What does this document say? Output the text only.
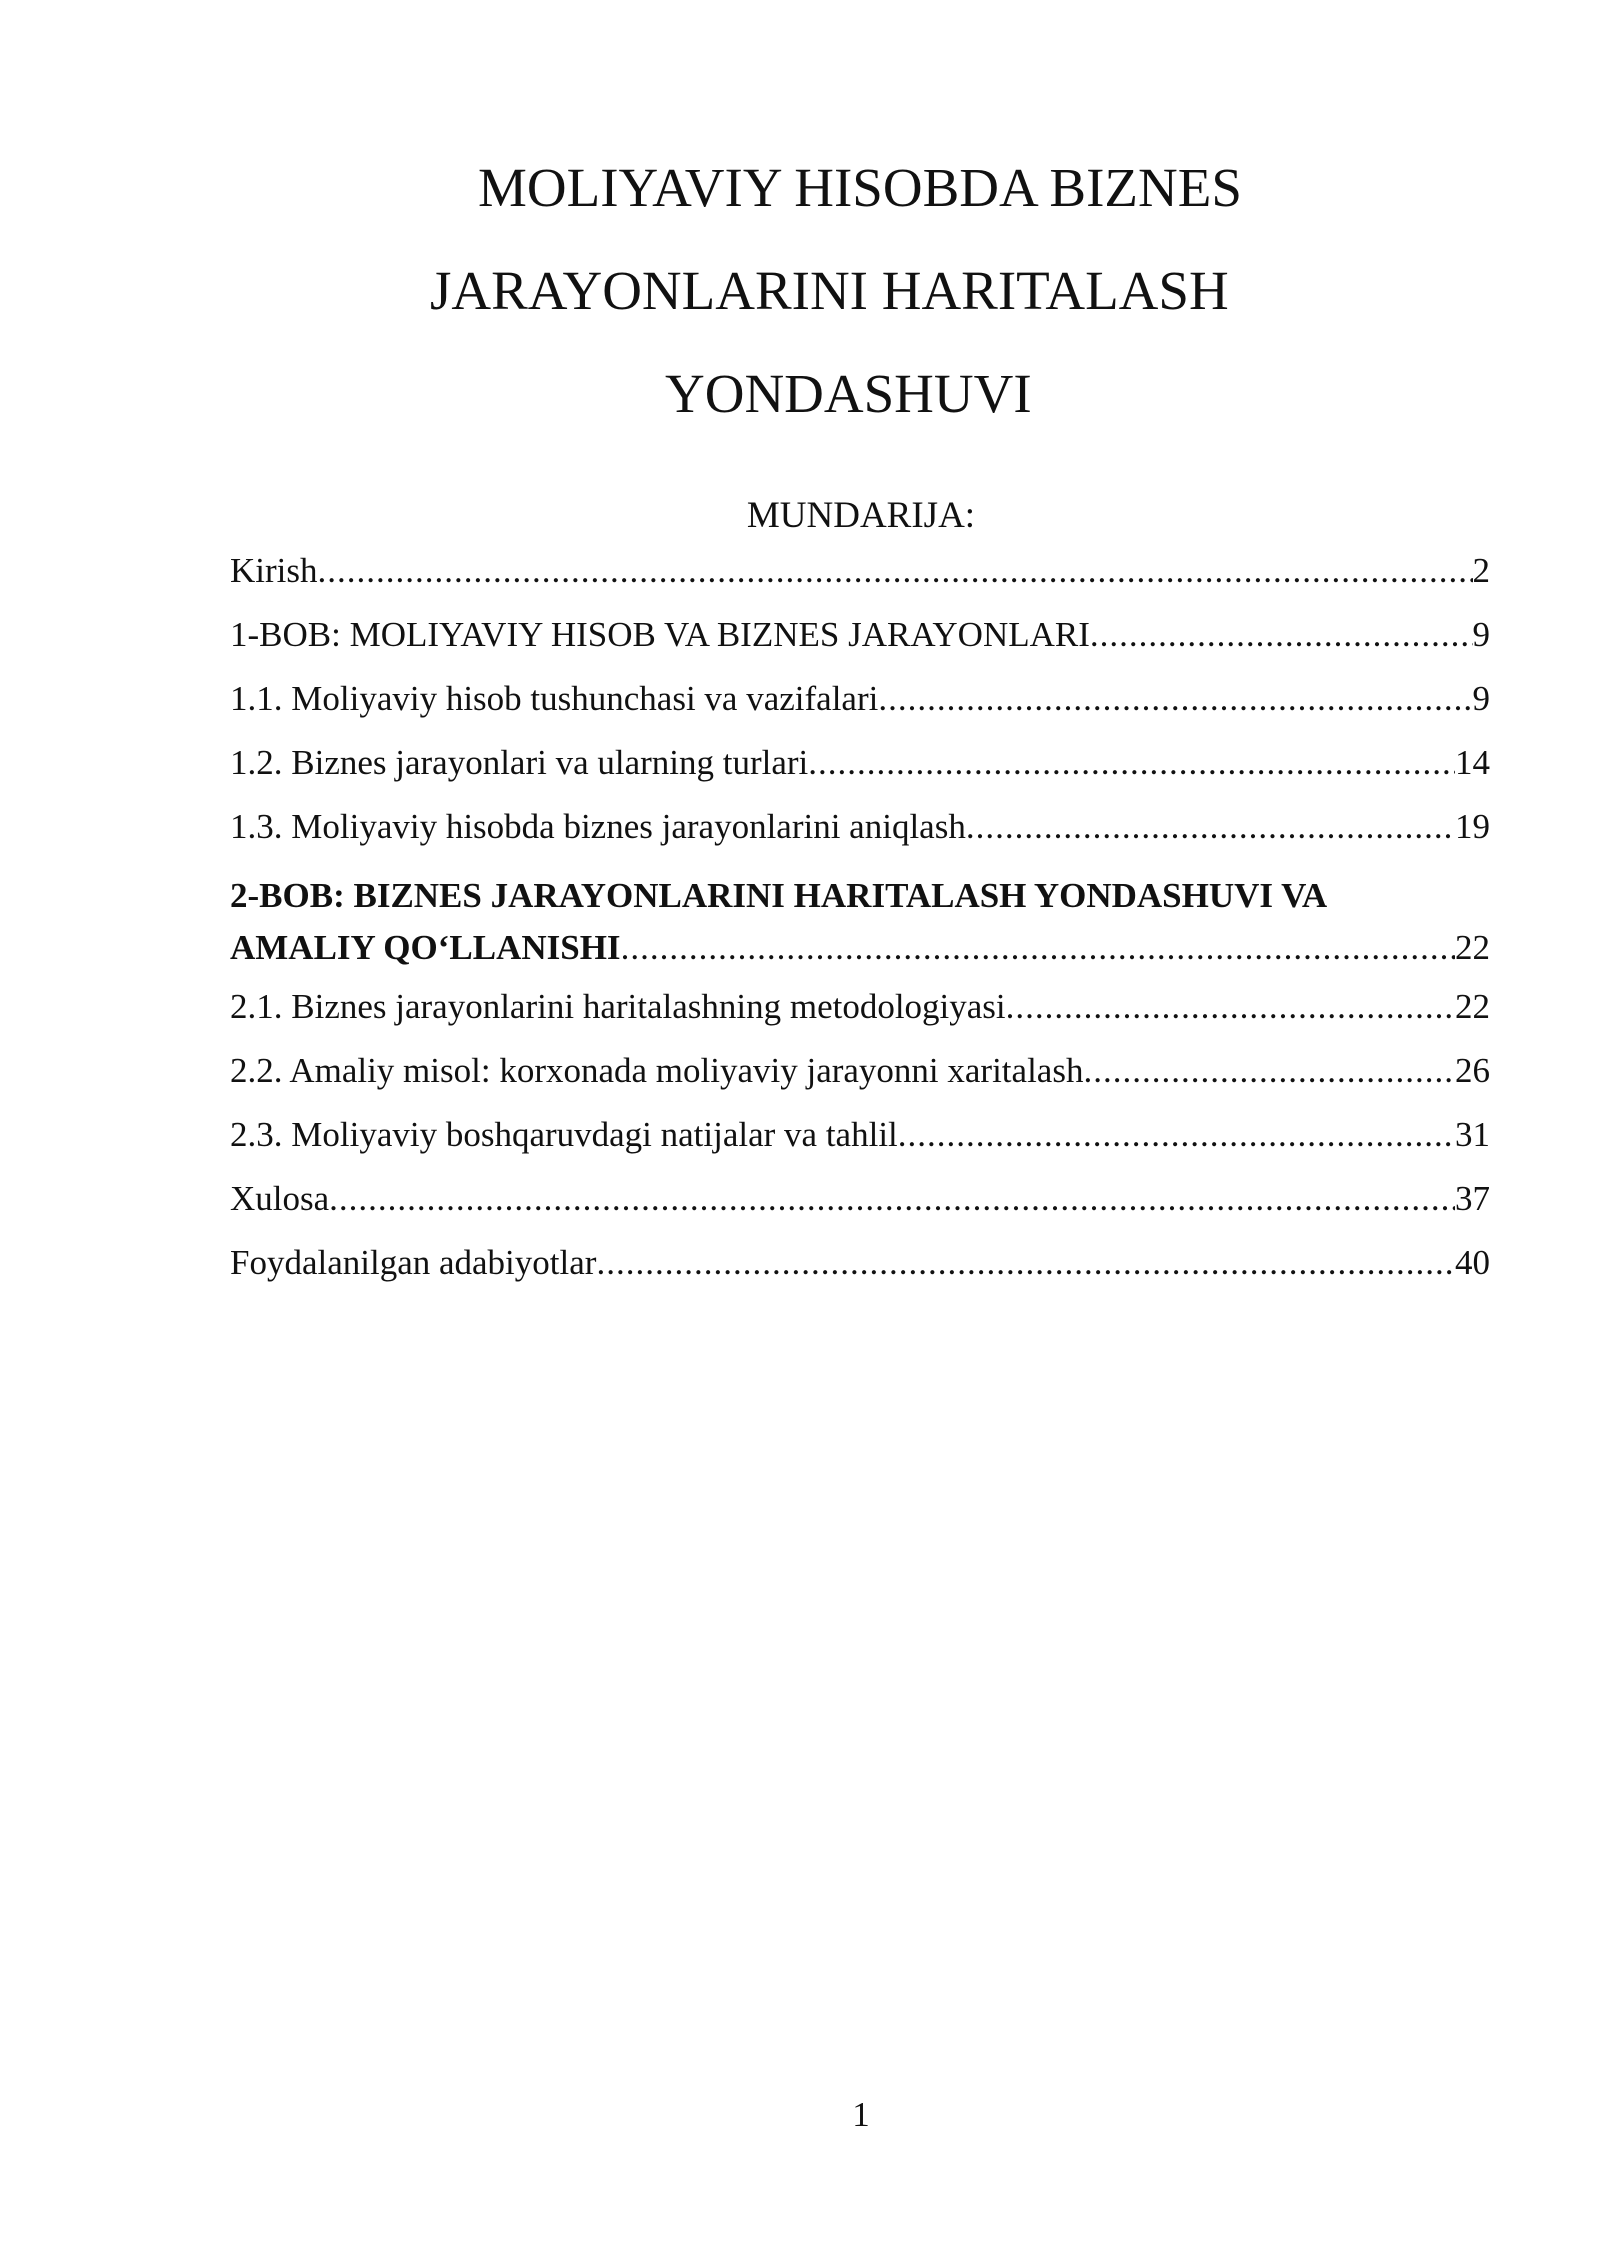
MOLIYAVIY HISOBDA BIZNES
JARAYONLARINI HARITALASH
YONDASHUVI
MUNDARIJA:
Kirish .....	2
1-BOB: MOLIYAVIY HISOB VA BIZNES JARAYONLARI .....	9
1.1. Moliyaviy hisob tushunchasi va vazifalari .....	9
1.2. Biznes jarayonlari va ularning turlari .....	14
1.3. Moliyaviy hisobda biznes jarayonlarini aniqlash .....	19
2-BOB: BIZNES JARAYONLARINI HARITALASH YONDASHUVI VA
AMALIY QO‘LLANISHI .....	22
2.1. Biznes jarayonlarini haritalashning metodologiyasi .....	22
2.2. Amaliy misol: korxonada moliyaviy jarayonni xaritalash .....	26
2.3. Moliyaviy boshqaruvdagi natijalar va tahlil .....	31
Xulosa .....	37
Foydalanilgan adabiyotlar .....	40
1
